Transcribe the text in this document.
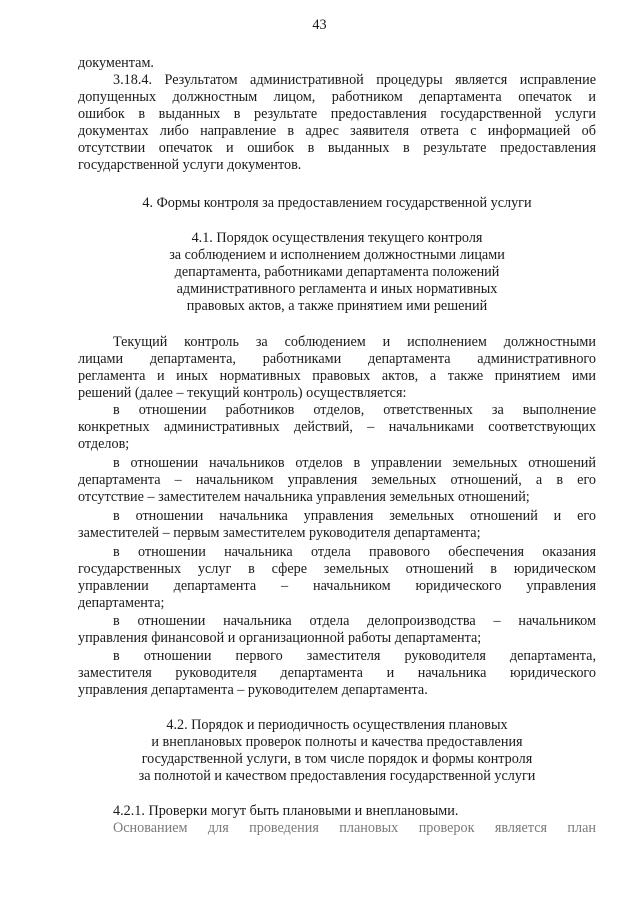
43
документам.
3.18.4. Результатом административной процедуры является исправление
допущенных должностным лицом, работником департамента опечаток и
ошибок в выданных в результате предоставления государственной услуги
документах либо направление в адрес заявителя ответа с информацией об
отсутствии опечаток и ошибок в выданных в результате предоставления
государственной услуги документов.
4. Формы контроля за предоставлением государственной услуги
4.1. Порядок осуществления текущего контроля
за соблюдением и исполнением должностными лицами
департамента, работниками департамента положений
административного регламента и иных нормативных
правовых актов, а также принятием ими решений
Текущий контроль за соблюдением и исполнением должностными
лицами департамента, работниками департамента административного
регламента и иных нормативных правовых актов, а также принятием ими
решений (далее – текущий контроль) осуществляется:
в отношении работников отделов, ответственных за выполнение
конкретных административных действий, – начальниками соответствующих
отделов;
в отношении начальников отделов в управлении земельных отношений
департамента – начальником управления земельных отношений, а в его
отсутствие – заместителем начальника управления земельных отношений;
в отношении начальника управления земельных отношений и его
заместителей – первым заместителем руководителя департамента;
в отношении начальника отдела правового обеспечения оказания
государственных услуг в сфере земельных отношений в юридическом
управлении департамента – начальником юридического управления
департамента;
в отношении начальника отдела делопроизводства – начальником
управления финансовой и организационной работы департамента;
в отношении первого заместителя руководителя департамента,
заместителя руководителя департамента и начальника юридического
управления департамента – руководителем департамента.
4.2. Порядок и периодичность осуществления плановых
и внеплановых проверок полноты и качества предоставления
государственной услуги, в том числе порядок и формы контроля
за полнотой и качеством предоставления государственной услуги
4.2.1. Проверки могут быть плановыми и внеплановыми.
Основанием для проведения плановых проверок является план
